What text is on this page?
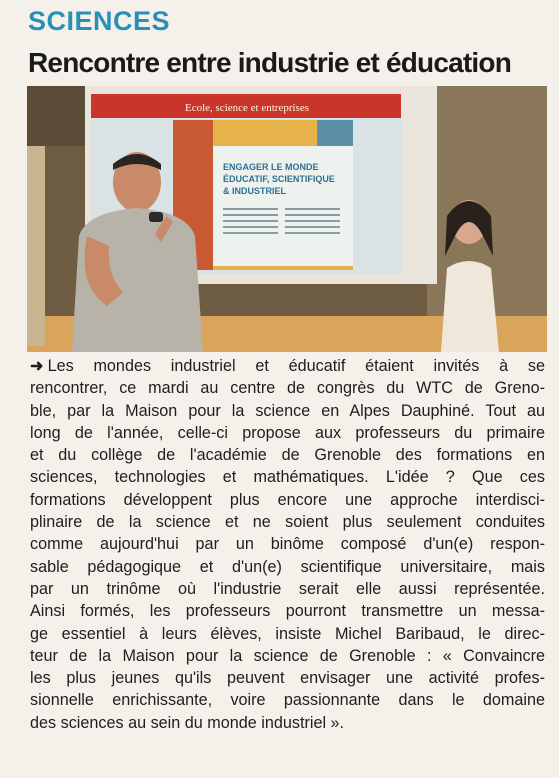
SCIENCES
Rencontre entre industrie et éducation
Ecole, science et entreprises
ENGAGER LE MONDE
ÉDUCATIF, SCIENTIFIQUE
& INDUSTRIEL
➜ Les mondes industriel et éducatif étaient invités à se
rencontrer, ce mardi au centre de congrès du WTC de Greno-
ble, par la Maison pour la science en Alpes Dauphiné. Tout au
long de l'année, celle-ci propose aux professeurs du primaire
et du collège de l'académie de Grenoble des formations en
sciences, technologies et mathématiques. L'idée ? Que ces
formations développent plus encore une approche interdisci-
plinaire de la science et ne soient plus seulement conduites
comme aujourd'hui par un binôme composé d'un(e) respon-
sable pédagogique et d'un(e) scientifique universitaire, mais
par un trinôme où l'industrie serait elle aussi représentée.
Ainsi formés, les professeurs pourront transmettre un messa-
ge essentiel à leurs élèves, insiste Michel Baribaud, le direc-
teur de la Maison pour la science de Grenoble : « Convaincre
les plus jeunes qu'ils peuvent envisager une activité profes-
sionnelle enrichissante, voire passionnante dans le domaine
des sciences au sein du monde industriel ».
